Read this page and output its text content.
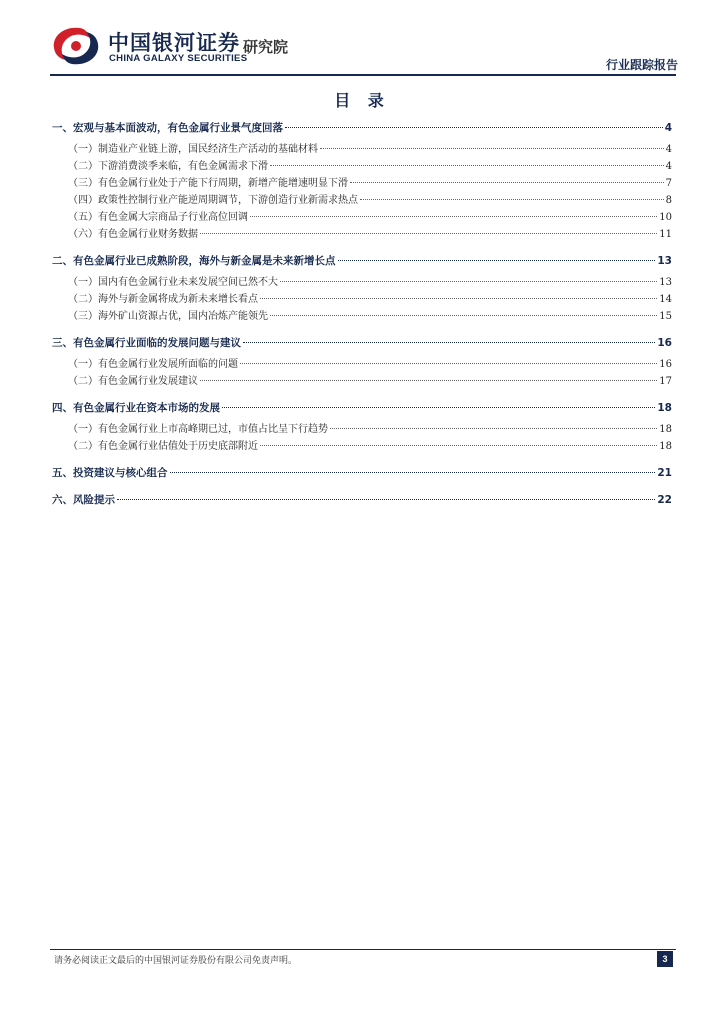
中国银河证券
CHINA GALAXY SECURITIES
研究院
行业跟踪报告
目 录
一、宏观与基本面波动，有色金属行业景气度回落	4
（一）制造业产业链上游，国民经济生产活动的基础材料	4
（二）下游消费淡季来临，有色金属需求下滑	4
（三）有色金属行业处于产能下行周期，新增产能增速明显下滑	7
（四）政策性控制行业产能逆周期调节，下游创造行业新需求热点	8
（五）有色金属大宗商品子行业高位回调	10
（六）有色金属行业财务数据	11
二、有色金属行业已成熟阶段，海外与新金属是未来新增长点	13
（一）国内有色金属行业未来发展空间已然不大	13
（二）海外与新金属将成为新未来增长看点	14
（三）海外矿山资源占优，国内冶炼产能领先	15
三、有色金属行业面临的发展问题与建议	16
（一）有色金属行业发展所面临的问题	16
（二）有色金属行业发展建议	17
四、有色金属行业在资本市场的发展	18
（一）有色金属行业上市高峰期已过，市值占比呈下行趋势	18
（二）有色金属行业估值处于历史底部附近	18
五、投资建议与核心组合	21
六、风险提示	22
请务必阅读正文最后的中国银河证券股份有限公司免责声明。	3
